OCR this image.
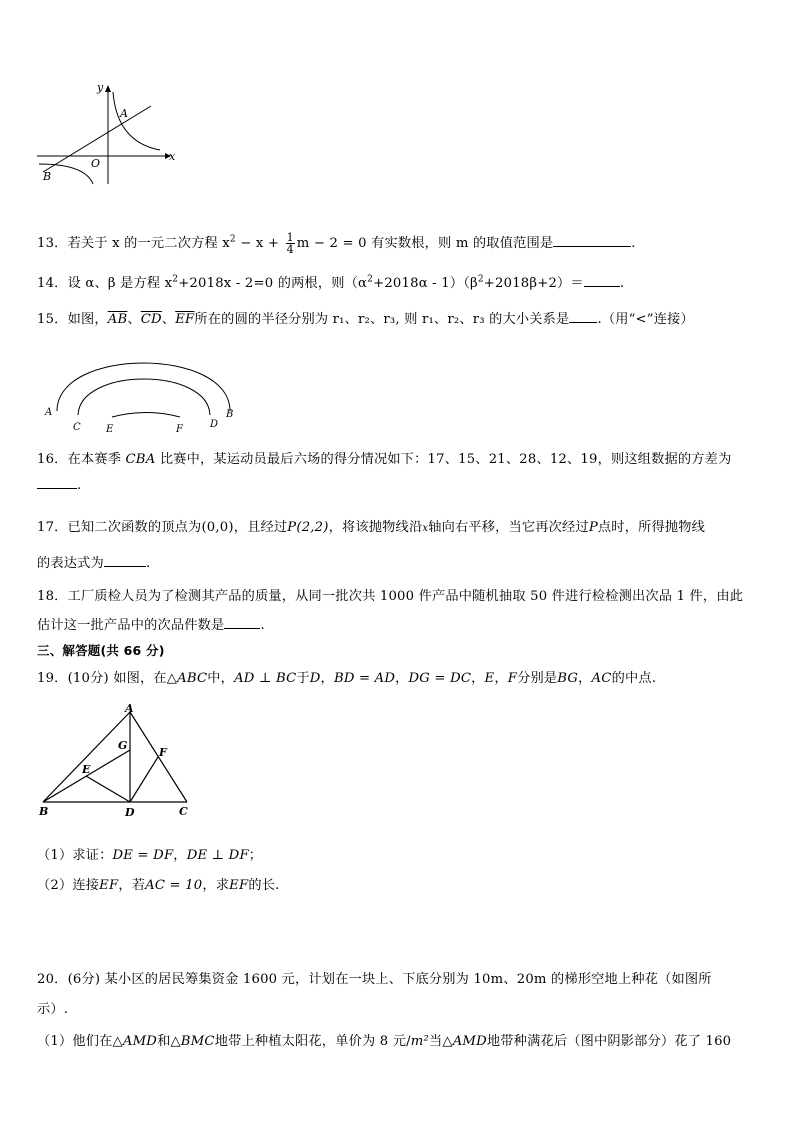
x
y
O
A
B
13．若关于 x 的一元二次方程 $x^2 - x + \frac{1}{4}$ m − 2 = 0 有实数根，则 m 的取值范围是	.
14．设 α、β 是方程 $x^2+2018x - 2=0$ 的两根，则$(\alpha^2+2018\alpha - 1)(\beta^2+2018\beta+2)=$	.
15．如图，$\overline{AB}$、$\overline{CD}$、$\overline{EF}$所在的圆的半径分别为 r₁、r₂、r₃, 则 r₁、r₂、r₃ 的大小关系是 .（用“<”连接）
A	B
C	D
E	F
16．在本赛季 CBA 比赛中，某运动员最后六场的得分情况如下：17、15、21、28、12、19，则这组数据的方差为
.
17．已知二次函数的顶点为(0,0)，且经过P(2,2)，将该抛物线沿x轴向右平移，当它再次经过P点时，所得抛物线
的表达式为	.
18．工厂质检人员为了检测其产品的质量，从同一批次共 1000 件产品中随机抽取 50 件进行检检测出次品 1 件，由此
估计这一批产品中的次品件数是	.
三、解答题(共 66 分)
19．(10分) 如图，在△ABC中，AD ⊥ BC于D，BD = AD，DG = DC，E，F分别是BG，AC的中点.
A
B	C
D
E
F
G
（1）求证：DE = DF，DE ⊥ DF；
（2）连接EF，若AC = 10，求EF的长.
20．(6分) 某小区的居民筹集资金 1600 元，计划在一块上、下底分别为 10m、20m 的梯形空地上种花（如图所
示）.
（1）他们在△AMD和△BMC地带上种植太阳花，单价为 8 元/m²当△AMD地带种满花后（图中阴影部分）花了 160
